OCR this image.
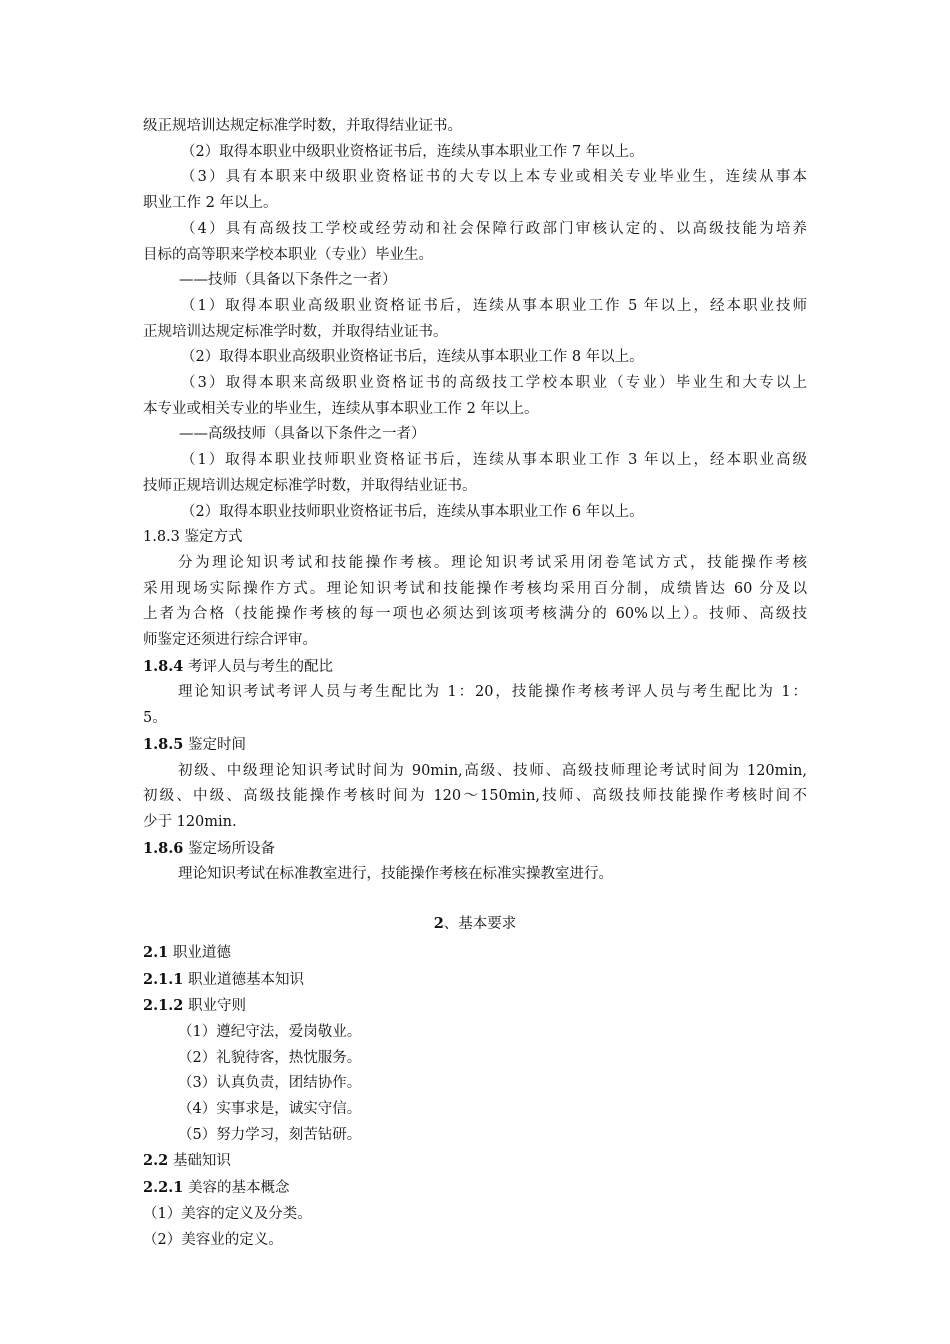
级正规培训达规定标准学时数，并取得结业证书。
（2）取得本职业中级职业资格证书后，连续从事本职业工作 7 年以上。
（3）具有本职来中级职业资格证书的大专以上本专业或相关专业毕业生，连续从事本
职业工作 2 年以上。
（4）具有高级技工学校或经劳动和社会保障行政部门审核认定的、以高级技能为培养
目标的高等职来学校本职业（专业）毕业生。
——技师（具备以下条件之一者）
（1）取得本职业高级职业资格证书后，连续从事本职业工作 5 年以上，经本职业技师
正规培训达规定标准学时数，并取得结业证书。
（2）取得本职业高级职业资格证书后，连续从事本职业工作 8 年以上。
（3）取得本职来高级职业资格证书的高级技工学校本职业（专业）毕业生和大专以上
本专业或相关专业的毕业生，连续从事本职业工作 2 年以上。
——高级技师（具备以下条件之一者）
（1）取得本职业技师职业资格证书后，连续从事本职业工作 3 年以上，经本职业高级
技师正规培训达规定标准学时数，并取得结业证书。
（2）取得本职业技师职业资格证书后，连续从事本职业工作 6 年以上。
1.8.3 鉴定方式
分为理论知识考试和技能操作考核。理论知识考试采用闭卷笔试方式，技能操作考核
采用现场实际操作方式。理论知识考试和技能操作考核均采用百分制，成绩皆达 60 分及以
上者为合格（技能操作考核的每一项也必须达到该项考核满分的 60%以上）。技师、高级技
师鉴定还须进行综合评审。
1.8.4 考评人员与考生的配比
理论知识考试考评人员与考生配比为 1：20，技能操作考核考评人员与考生配比为 1：
5。
1.8.5 鉴定时间
初级、中级理论知识考试时间为 90min,高级、技师、高级技师理论考试时间为 120min,
初级、中级、高级技能操作考核时间为 120～150min,技师、高级技师技能操作考核时间不
少于 120min.
1.8.6 鉴定场所设备
理论知识考试在标准教室进行，技能操作考核在标准实操教室进行。
2、基本要求
2.1 职业道德
2.1.1 职业道德基本知识
2.1.2 职业守则
（1）遵纪守法，爱岗敬业。
（2）礼貌待客，热忱服务。
（3）认真负责，团结协作。
（4）实事求是，诚实守信。
（5）努力学习，刻苦钻研。
2.2 基础知识
2.2.1 美容的基本概念
（1）美容的定义及分类。
（2）美容业的定义。
